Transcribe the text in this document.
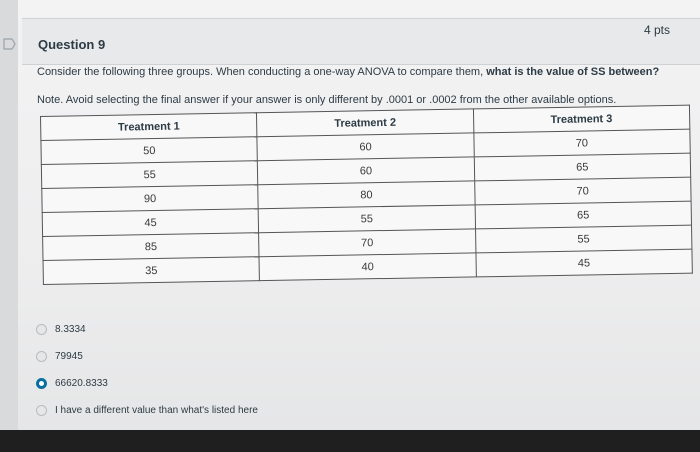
Question 9
4 pts
Consider the following three groups. When conducting a one-way ANOVA to compare them, what is the value of SS between?
Note. Avoid selecting the final answer if your answer is only different by .0001 or .0002 from the other available options.
Treatment 1	Treatment 2	Treatment 3
50	60	70
55	60	65
90	80	70
45	55	65
85	70	55
35	40	45
8.3334
79945
66620.8333
I have a different value than what's listed here
